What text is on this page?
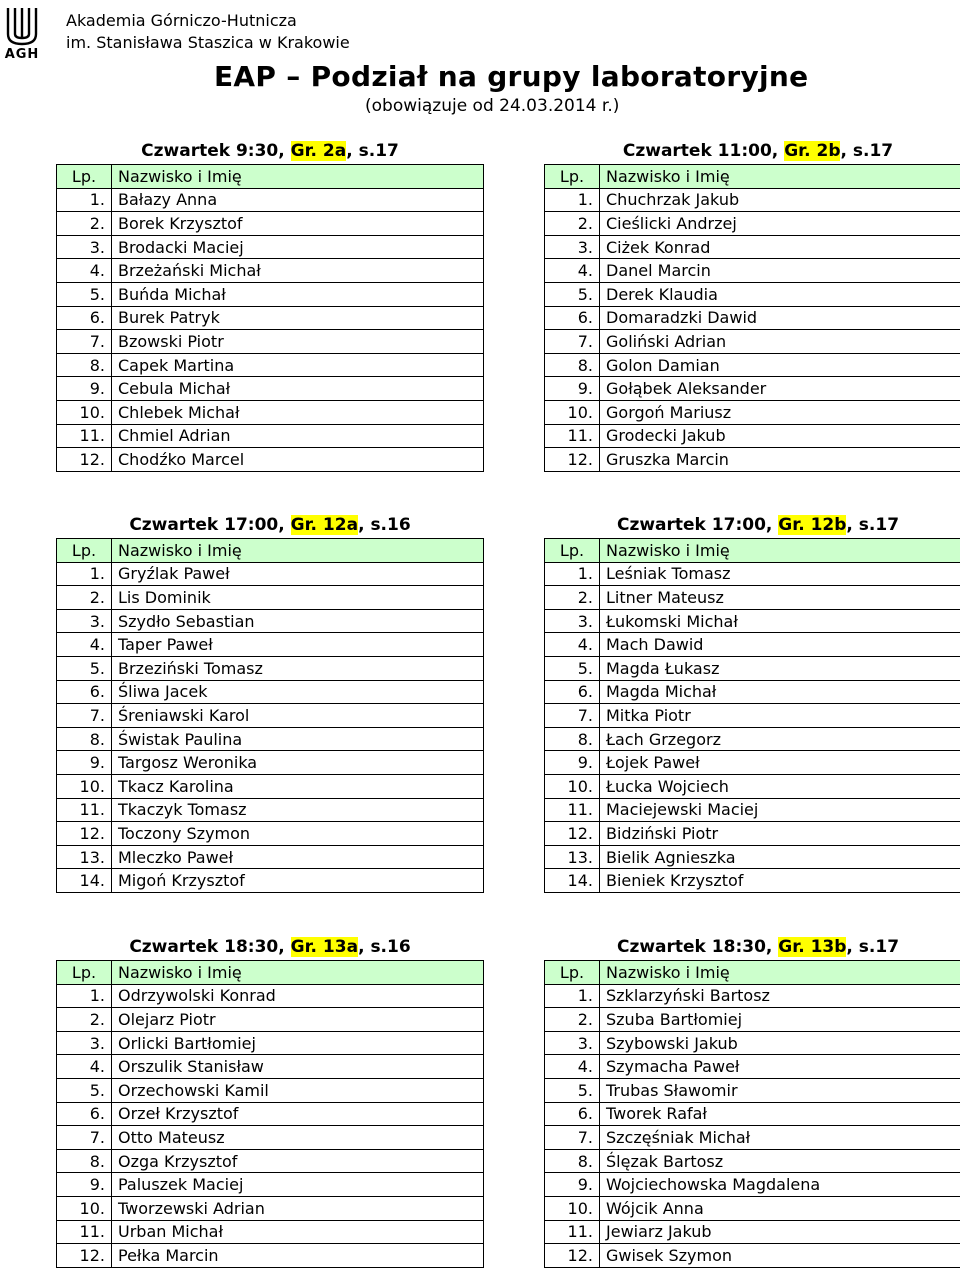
AGH
Akademia Górniczo-Hutnicza
im. Stanisława Staszica w Krakowie
EAP – Podział na grupy laboratoryjne
(obowiązuje od 24.03.2014 r.)
Czwartek 9:30, Gr. 2a, s.17
Lp.	Nazwisko i Imię
1.	Bałazy Anna
2.	Borek Krzysztof
3.	Brodacki Maciej
4.	Brzeżański Michał
5.	Buńda Michał
6.	Burek Patryk
7.	Bzowski Piotr
8.	Capek Martina
9.	Cebula Michał
10.	Chlebek Michał
11.	Chmiel Adrian
12.	Chodźko Marcel
Czwartek 11:00, Gr. 2b, s.17
Lp.	Nazwisko i Imię
1.	Chuchrzak Jakub
2.	Cieślicki Andrzej
3.	Ciżek Konrad
4.	Danel Marcin
5.	Derek Klaudia
6.	Domaradzki Dawid
7.	Goliński Adrian
8.	Golon Damian
9.	Gołąbek Aleksander
10.	Gorgoń Mariusz
11.	Grodecki Jakub
12.	Gruszka Marcin
Czwartek 17:00, Gr. 12a, s.16
Lp.	Nazwisko i Imię
1.	Gryźlak Paweł
2.	Lis Dominik
3.	Szydło Sebastian
4.	Taper Paweł
5.	Brzeziński Tomasz
6.	Śliwa Jacek
7.	Śreniawski Karol
8.	Świstak Paulina
9.	Targosz Weronika
10.	Tkacz Karolina
11.	Tkaczyk Tomasz
12.	Toczony Szymon
13.	Mleczko Paweł
14.	Migoń Krzysztof
Czwartek 17:00, Gr. 12b, s.17
Lp.	Nazwisko i Imię
1.	Leśniak Tomasz
2.	Litner Mateusz
3.	Łukomski Michał
4.	Mach Dawid
5.	Magda Łukasz
6.	Magda Michał
7.	Mitka Piotr
8.	Łach Grzegorz
9.	Łojek Paweł
10.	Łucka Wojciech
11.	Maciejewski Maciej
12.	Bidziński Piotr
13.	Bielik Agnieszka
14.	Bieniek Krzysztof
Czwartek 18:30, Gr. 13a, s.16
Lp.	Nazwisko i Imię
1.	Odrzywolski Konrad
2.	Olejarz Piotr
3.	Orlicki Bartłomiej
4.	Orszulik Stanisław
5.	Orzechowski Kamil
6.	Orzeł Krzysztof
7.	Otto Mateusz
8.	Ozga Krzysztof
9.	Paluszek Maciej
10.	Tworzewski Adrian
11.	Urban Michał
12.	Pełka Marcin
Czwartek 18:30, Gr. 13b, s.17
Lp.	Nazwisko i Imię
1.	Szklarzyński Bartosz
2.	Szuba Bartłomiej
3.	Szybowski Jakub
4.	Szymacha Paweł
5.	Trubas Sławomir
6.	Tworek Rafał
7.	Szczęśniak Michał
8.	Ślęzak Bartosz
9.	Wojciechowska Magdalena
10.	Wójcik Anna
11.	Jewiarz Jakub
12.	Gwisek Szymon
